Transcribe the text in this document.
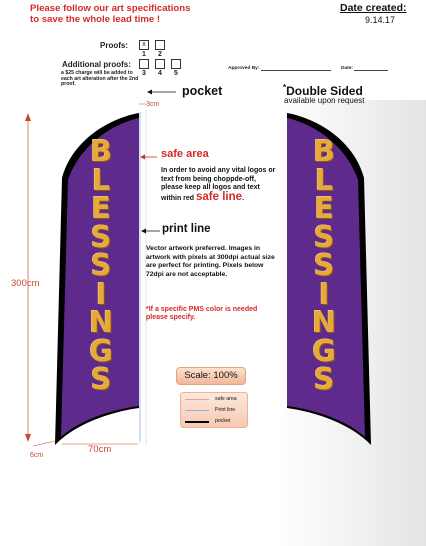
Please follow our art specifications
to save the whole lead time !
Date created:
9.14.17
Proofs:	x
1	2
Additional proofs:
3	4	5
a $25 charge will be added to each art alteration after the 2nd proof.
Approved By:	Date:
B
L
E
S
S
I
N
G
S
B
L
E
S
S
I
N
G
S
pocket	*Double Sided
available upon request
safe area
In order to avoid any vital logos or text from being choppde-off, please keep all logos and text within red safe line.
print line
Vector artwork preferred. Images in artwork with pixels at 300dpi actual size are perfect for printing. Pixels below 72dpi are not acceptable.
*If a specific PMS color is needed please specify.
Scale: 100%
safe area
Print line
pocket
300cm
70cm
6cm
3cm
